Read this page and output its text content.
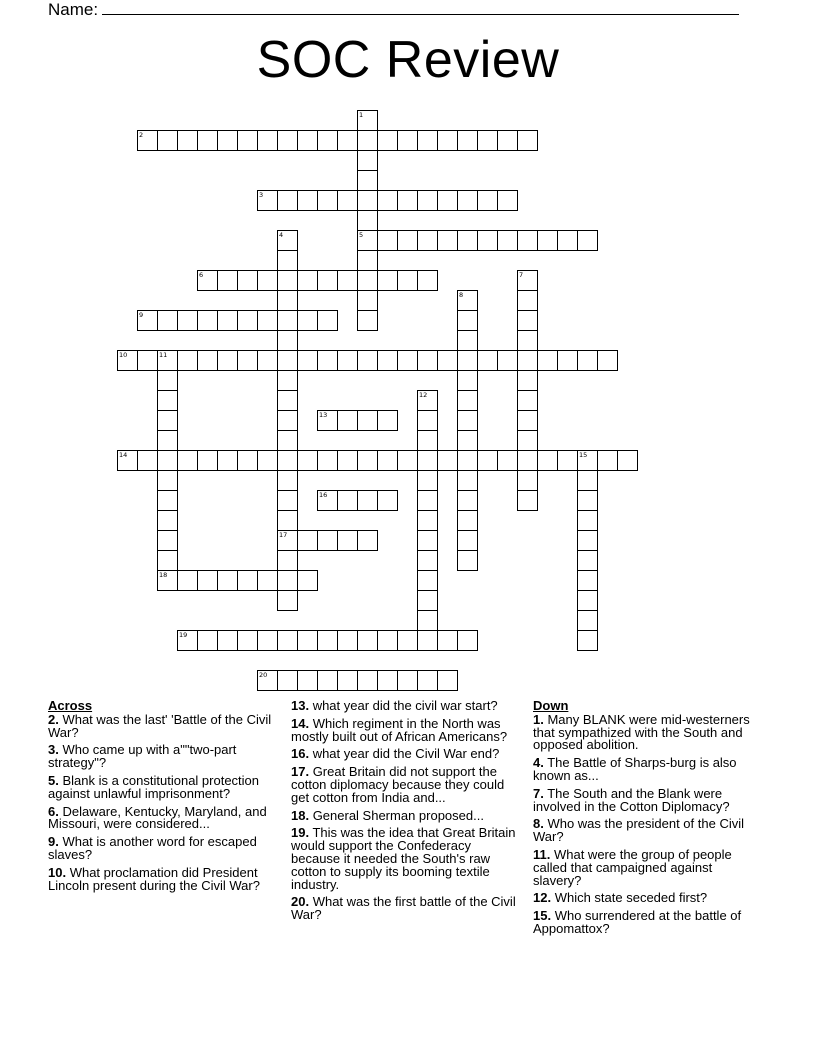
Name:
SOC Review
1
5
2
3
4
17
6	7
8
9
10	11
18
12
13
14	15
16
19
20
Across
2. What was the last' 'Battle of the Civil War?
3. Who came up with a""two-part strategy"?
5. Blank is a constitutional protection against unlawful imprisonment?
6. Delaware, Kentucky, Maryland, and Missouri, were considered...
9. What is another word for escaped slaves?
10. What proclamation did President Lincoln present during the Civil War?
13. what year did the civil war start?
14. Which regiment in the North was mostly built out of African Americans?
16. what year did the Civil War end?
17. Great Britain did not support the cotton diplomacy because they could get cotton from India and...
18. General Sherman proposed...
19. This was the idea that Great Britain would support the Confederacy because it needed the South's raw cotton to supply its booming textile industry.
20. What was the first battle of the Civil War?
Down
1. Many BLANK were mid-westerners that sympathized with the South and opposed abolition.
4. The Battle of Sharps-burg is also known as...
7. The South and the Blank were involved in the Cotton Diplomacy?
8. Who was the president of the Civil War?
11. What were the group of people called that campaigned against slavery?
12. Which state seceded first?
15. Who surrendered at the battle of Appomattox?
